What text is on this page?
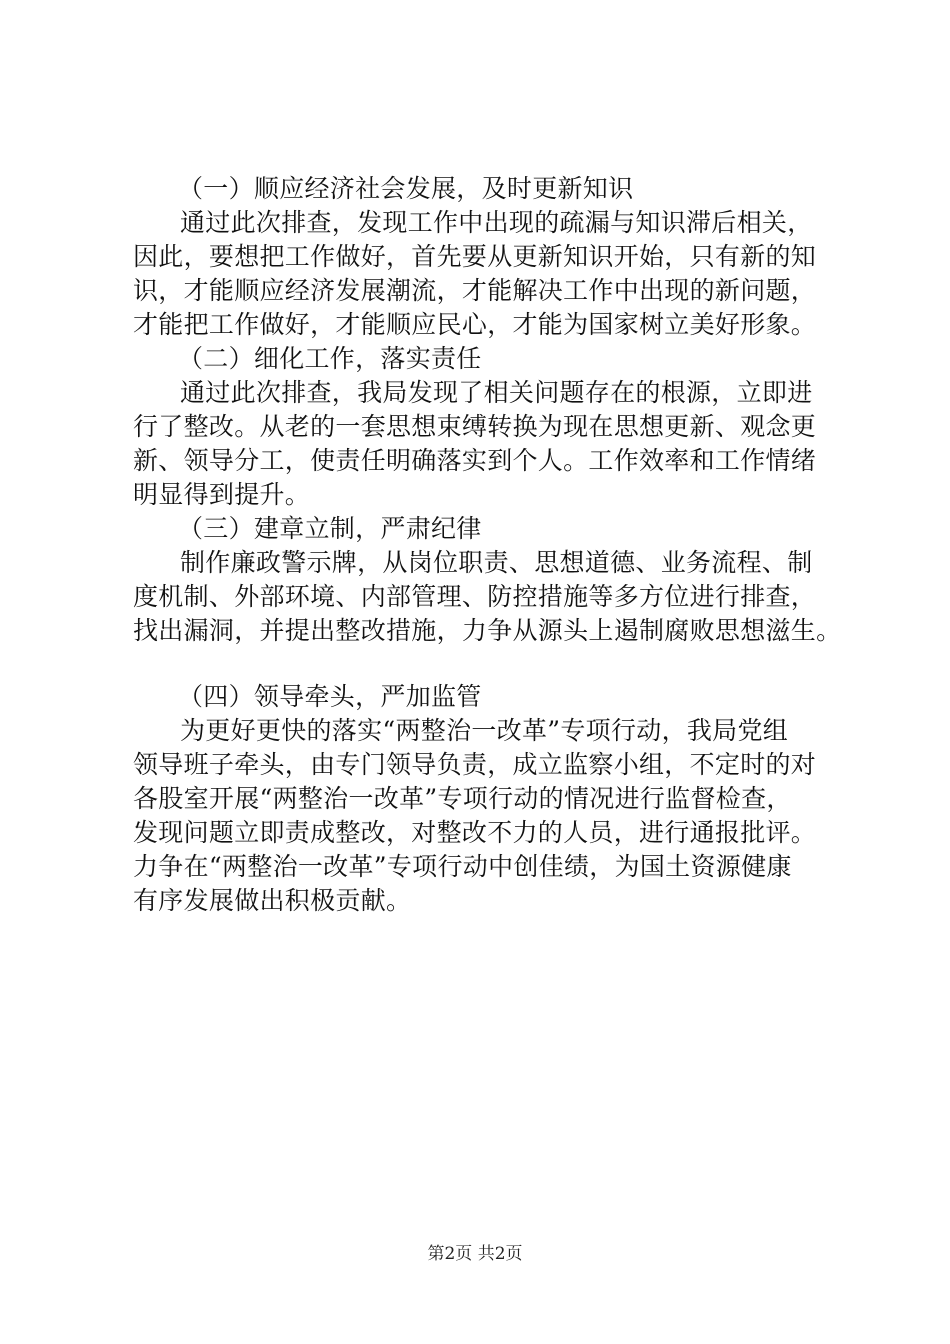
（一）顺应经济社会发展，及时更新知识
通过此次排查，发现工作中出现的疏漏与知识滞后相关，
因此，要想把工作做好，首先要从更新知识开始，只有新的知
识，才能顺应经济发展潮流，才能解决工作中出现的新问题，
才能把工作做好，才能顺应民心，才能为国家树立美好形象。
（二）细化工作，落实责任
通过此次排查，我局发现了相关问题存在的根源，立即进
行了整改。从老的一套思想束缚转换为现在思想更新、观念更
新、领导分工，使责任明确落实到个人。工作效率和工作情绪
明显得到提升。
（三）建章立制，严肃纪律
制作廉政警示牌，从岗位职责、思想道德、业务流程、制
度机制、外部环境、内部管理、防控措施等多方位进行排查，
找出漏洞，并提出整改措施，力争从源头上遏制腐败思想滋生。
（四）领导牵头，严加监管
为更好更快的落实“两整治一改革”专项行动，我局党组
领导班子牵头，由专门领导负责，成立监察小组，不定时的对
各股室开展“两整治一改革”专项行动的情况进行监督检查，
发现问题立即责成整改，对整改不力的人员，进行通报批评。
力争在“两整治一改革”专项行动中创佳绩，为国土资源健康
有序发展做出积极贡献。
第2页 共2页
